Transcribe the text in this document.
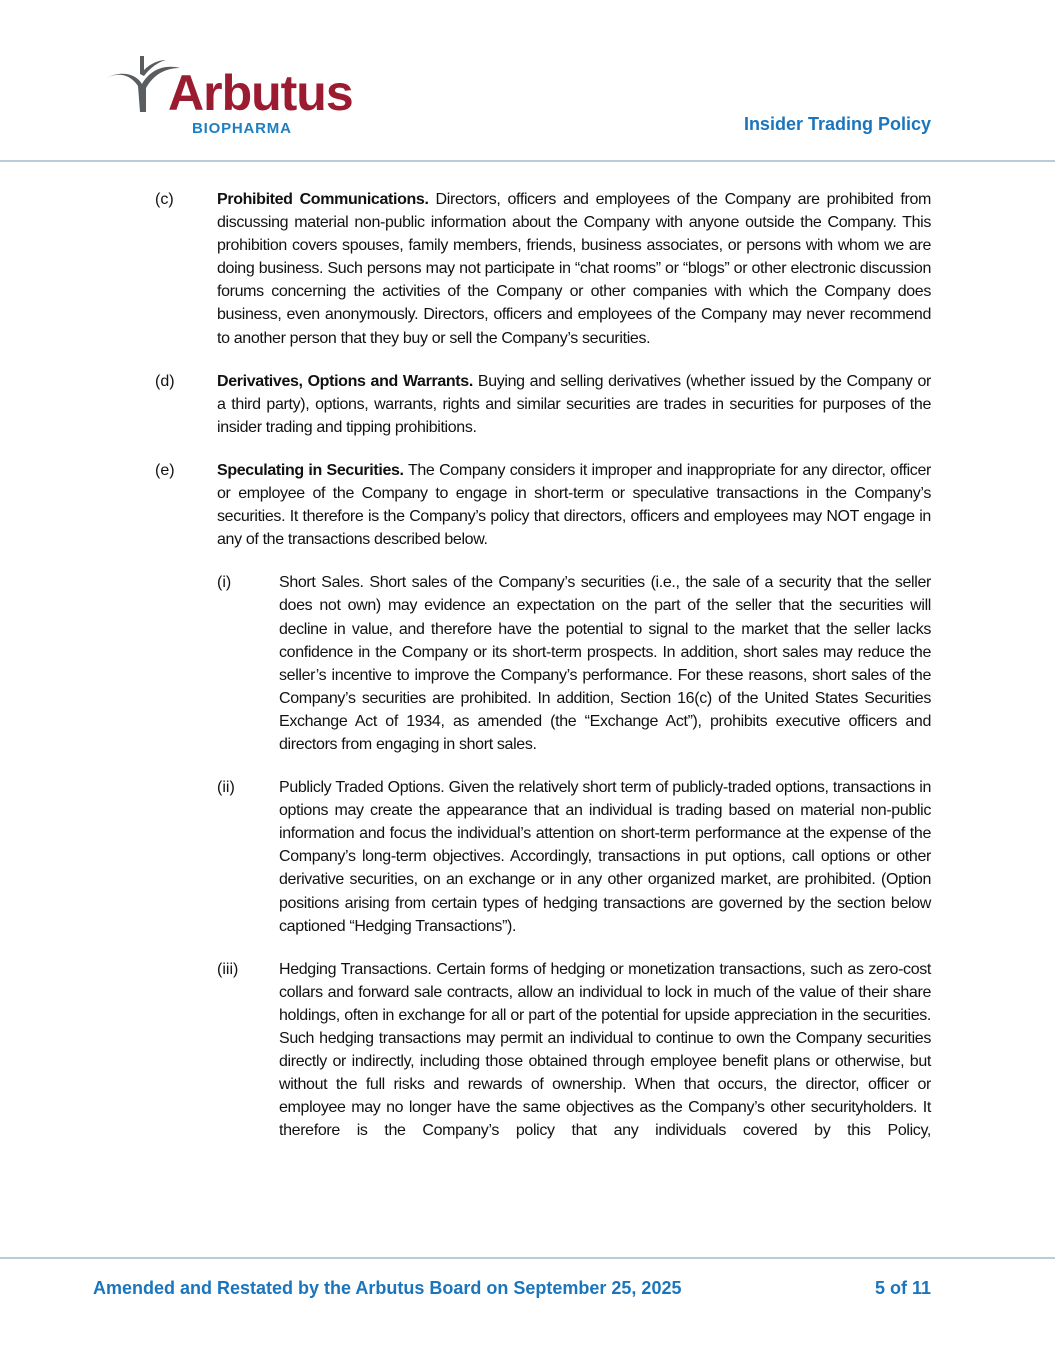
Arbutus
BIOPHARMA	Insider Trading Policy
(c)	Prohibited Communications. Directors, officers and employees of the Company are prohibited from discussing material non-public information about the Company with anyone outside the Company. This prohibition covers spouses, family members, friends, business associates, or persons with whom we are doing business. Such persons may not participate in “chat rooms” or “blogs” or other electronic discussion forums concerning the activities of the Company or other companies with which the Company does business, even anonymously. Directors, officers and employees of the Company may never recommend to another person that they buy or sell the Company’s securities.
(d)	Derivatives, Options and Warrants. Buying and selling derivatives (whether issued by the Company or a third party), options, warrants, rights and similar securities are trades in securities for purposes of the insider trading and tipping prohibitions.
(e)	Speculating in Securities. The Company considers it improper and inappropriate for any director, officer or employee of the Company to engage in short-term or speculative transactions in the Company’s securities. It therefore is the Company’s policy that directors, officers and employees may NOT engage in any of the transactions described below.
(i)	Short Sales. Short sales of the Company’s securities (i.e., the sale of a security that the seller does not own) may evidence an expectation on the part of the seller that the securities will decline in value, and therefore have the potential to signal to the market that the seller lacks confidence in the Company or its short-term prospects. In addition, short sales may reduce the seller’s incentive to improve the Company’s performance. For these reasons, short sales of the Company’s securities are prohibited. In addition, Section 16(c) of the United States Securities Exchange Act of 1934, as amended (the “Exchange Act”), prohibits executive officers and directors from engaging in short sales.
(ii)	Publicly Traded Options. Given the relatively short term of publicly-traded options, transactions in options may create the appearance that an individual is trading based on material non-public information and focus the individual’s attention on short-term performance at the expense of the Company’s long-term objectives. Accordingly, transactions in put options, call options or other derivative securities, on an exchange or in any other organized market, are prohibited. (Option positions arising from certain types of hedging transactions are governed by the section below captioned “Hedging Transactions”).
(iii)	Hedging Transactions. Certain forms of hedging or monetization transactions, such as zero-cost collars and forward sale contracts, allow an individual to lock in much of the value of their share holdings, often in exchange for all or part of the potential for upside appreciation in the securities. Such hedging transactions may permit an individual to continue to own the Company securities directly or indirectly, including those obtained through employee benefit plans or otherwise, but without the full risks and rewards of ownership. When that occurs, the director, officer or employee may no longer have the same objectives as the Company’s other securityholders. It therefore is the Company’s policy that any individuals covered by this Policy,
Amended and Restated by the Arbutus Board on September 25, 2025	5 of 11
